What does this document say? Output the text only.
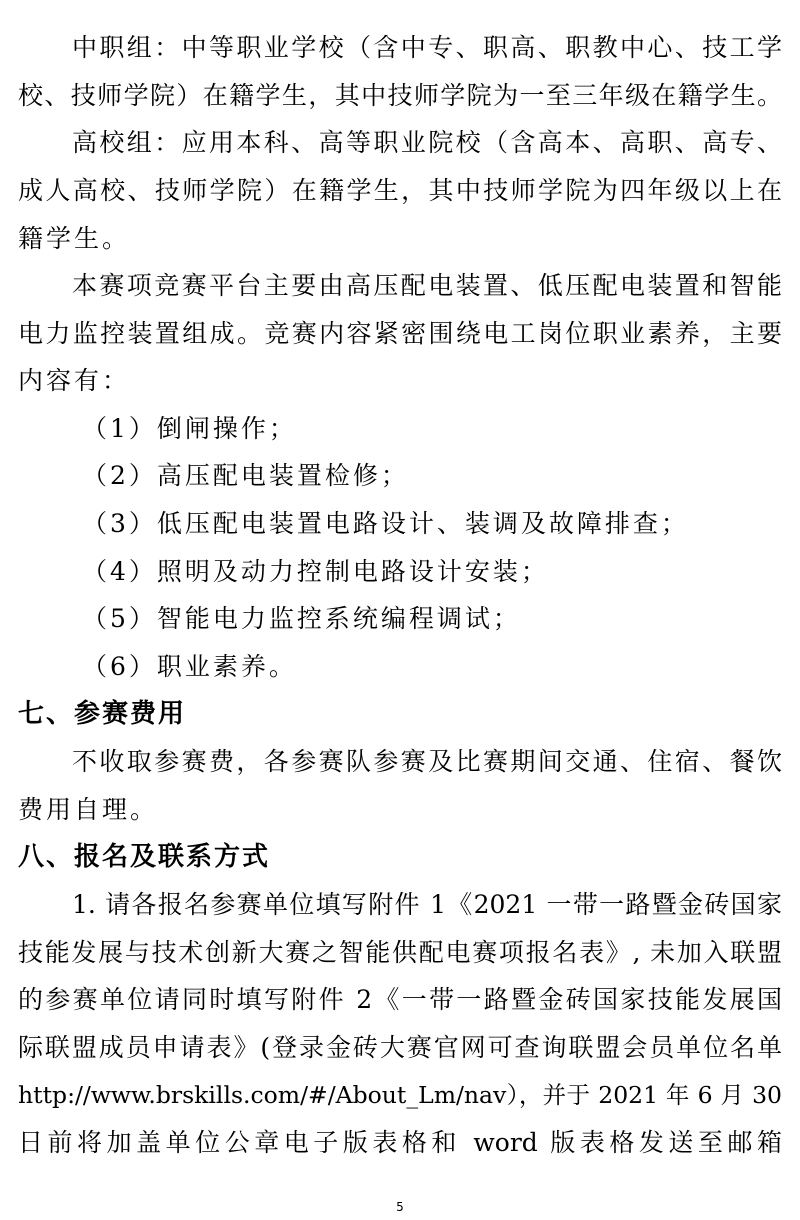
中职组：中等职业学校（含中专、职高、职教中心、技工学
校、技师学院）在籍学生，其中技师学院为一至三年级在籍学生。
高校组：应用本科、高等职业院校（含高本、高职、高专、
成人高校、技师学院）在籍学生，其中技师学院为四年级以上在
籍学生。
本赛项竞赛平台主要由高压配电装置、低压配电装置和智能
电力监控装置组成。竞赛内容紧密围绕电工岗位职业素养，主要
内容有：
（1）倒闸操作；
（2）高压配电装置检修；
（3）低压配电装置电路设计、装调及故障排查；
（4）照明及动力控制电路设计安装；
（5）智能电力监控系统编程调试；
（6）职业素养。
七、参赛费用
不收取参赛费，各参赛队参赛及比赛期间交通、住宿、餐饮
费用自理。
八、报名及联系方式
1. 请各报名参赛单位填写附件 1《2021 一带一路暨金砖国家
技能发展与技术创新大赛之智能供配电赛项报名表》, 未加入联盟
的参赛单位请同时填写附件 2《一带一路暨金砖国家技能发展国
际联盟成员申请表》(登录金砖大赛官网可查询联盟会员单位名单
http://www.brskills.com/#/About_Lm/nav），并于 2021 年 6 月 30
日前将加盖单位公章电子版表格和 word 版表格发送至邮箱
5
